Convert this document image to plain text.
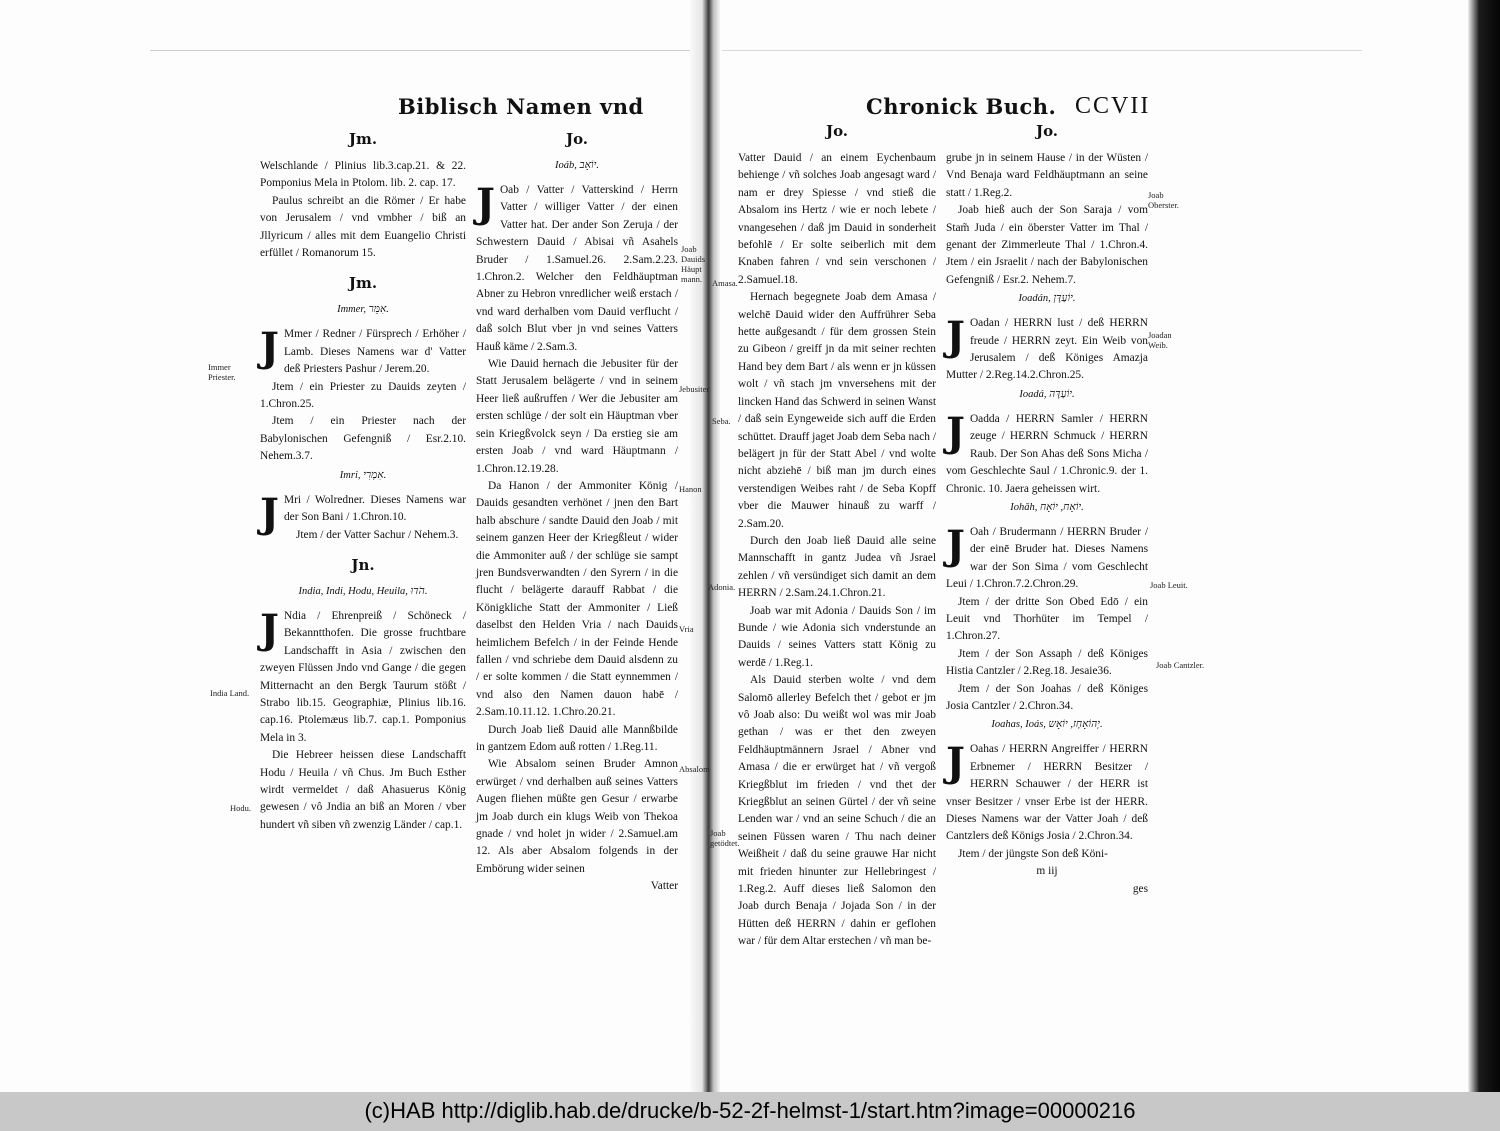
Biblisch Namen vnd

Jm.

Welschlande / Plinius lib.3.cap.21. & 22. Pomponius Mela in Ptolom. lib. 2. cap. 17.

Paulus schreibt an die Römer / Er habe von Jerusalem / vnd vmbher / biß an Jllyricum / alles mit dem Euangelio Christi erfüllet / Romanorum 15.

Jm.

Immer, אִמֵּר.

J Mmer / Redner / Fürsprech / Erhöher / Lamb. Dieses Namens war d' Vatter deß Priesters Pashur / Jerem.20.

Jtem / ein Priester zu Dauids zeyten / 1.Chron.25.

Jtem / ein Priester nach der Babylonischen Gefengniß / Esr.2.10. Nehem.3.7.

Imri, אִמְרִי.

J Mri / Wolredner. Dieses Namens war der Son Bani / 1.Chron.10.

Jtem / der Vatter Sachur / Nehem.3.

Jn.

India, Indi, Hodu, Heuila, הֹדוּ.

J Ndia / Ehrenpreiß / Schöneck / Bekanntthofen. Die grosse fruchtbare Landschafft in Asia / zwischen den zweyen Flüssen Jndo vnd Gange / die gegen Mitternacht an den Bergk Taurum stößt / Strabo lib.15. Geographiæ, Plinius lib.16. cap.16. Ptolemæus lib.7. cap.1. Pomponius Mela in 3.

Die Hebreer heissen diese Landschafft Hodu / Heuila / vñ Chus. Jm Buch Esther wirdt vermeldet / daß Ahasuerus König gewesen / vô Jndia an biß an Moren / vber hundert vñ siben vñ zwenzig Länder / cap.1.

Jo.

Ioáb, יוֹאָב.

J Oab / Vatter / Vatterskind / Herrn Vatter / williger Vatter / der einen Vatter hat. Der ander Son Zeruja / der Schwestern Dauid / Abisai vñ Asahels Bruder / 1.Samuel.26. 2.Sam.2.23. 1.Chron.2. Welcher den Feldhäuptman Abner zu Hebron vnredlicher weiß erstach / vnd ward derhalben vom Dauid verflucht / daß solch Blut vber jn vnd seines Vatters Hauß käme / 2.Sam.3.

Wie Dauid hernach die Jebusiter für der Statt Jerusalem belägerte / vnd in seinem Heer ließ außruffen / Wer die Jebusiter am ersten schlüge / der solt ein Häuptman vber sein Kriegßvolck seyn / Da erstieg sie am ersten Joab / vnd ward Häuptmann / 1.Chron.12.19.28.

Da Hanon / der Ammoniter König / Dauids gesandten verhönet / jnen den Bart halb abschure / sandte Dauid den Joab / mit seinem ganzen Heer der Kriegßleut / wider die Ammoniter auß / der schlüge sie sampt jren Bundsverwandten / den Syrern / in die flucht / belägerte darauff Rabbat / die Königkliche Statt der Ammoniter / Ließ daselbst den Helden Vria / nach Dauids heimlichem Befelch / in der Feinde Hende fallen / vnd schriebe dem Dauid alsdenn zu / er solte kommen / die Statt eynnemmen / vnd also den Namen dauon habē / 2.Sam.10.11.12. 1.Chro.20.21.

Durch Joab ließ Dauid alle Mannßbilde in gantzem Edom auß rotten / 1.Reg.11.

Wie Absalom seinen Bruder Amnon erwürget / vnd derhalben auß seines Vatters Augen fliehen müßte gen Gesur / erwarbe jm Joab durch ein klugs Weib von Thekoa gnade / vnd holet jn wider / 2.Samuel.am 12. Als aber Absalom folgends in der Embörung wider seinen

Vatter

Joab Dauids Häupt mann.
Immer Priester.
Jebusiter
Hanon
Vria
India Land.
Hodu.
Absalom
Chronick Buch. CCVII

Jo.

Vatter Dauid / an einem Eychenbaum behienge / vñ solches Joab angesagt ward / nam er drey Spiesse / vnd stieß die Absalom ins Hertz / wie er noch lebete / vnangesehen / daß jm Dauid in sonderheit befohlē / Er solte seiberlich mit dem Knaben fahren / vnd sein verschonen / 2.Samuel.18.

Hernach begegnete Joab dem Amasa / welchē Dauid wider den Auffrührer Seba hette außgesandt / für dem grossen Stein zu Gibeon / greiff jn da mit seiner rechten Hand bey dem Bart / als wenn er jn küssen wolt / vñ stach jm vnversehens mit der lincken Hand das Schwerd in seinen Wanst / daß sein Eyngeweide sich auff die Erden schüttet. Drauff jaget Joab dem Seba nach / belägert jn für der Statt Abel / vnd wolte nicht abziehē / biß man jm durch eines verstendigen Weibes raht / de Seba Kopff vber die Mauwer hinauß zu warff / 2.Sam.20.

Durch den Joab ließ Dauid alle seine Mannschafft in gantz Judea vñ Jsrael zehlen / vñ versündiget sich damit an dem HERRN / 2.Sam.24.1.Chron.21.

Joab war mit Adonia / Dauids Son / im Bunde / wie Adonia sich vnderstunde an Dauids / seines Vatters statt König zu werdē / 1.Reg.1.

Als Dauid sterben wolte / vnd dem Salomō allerley Befelch thet / gebot er jm vô Joab also: Du weißt wol was mir Joab gethan / was er thet den zweyen Feldhäuptmännern Jsrael / Abner vnd Amasa / die er erwürget hat / vñ vergoß Kriegßblut im frieden / vnd thet der Kriegßblut an seinen Gürtel / der vñ seine Lenden war / vnd an seine Schuch / die an seinen Füssen waren / Thu nach deiner Weißheit / daß du seine grauwe Har nicht mit frieden hinunter zur Hellebringest / 1.Reg.2. Auff dieses ließ Salomon den Joab durch Benaja / Jojada Son / in der Hütten deß HERRN / dahin er geflohen war / für dem Altar erstechen / vñ man be-

Jo.

grube jn in seinem Hause / in der Wüsten / Vnd Benaja ward Feldhäuptmann an seine statt / 1.Reg.2.

Joab hieß auch der Son Saraja / vom Stam̃ Juda / ein öberster Vatter im Thal / genant der Zimmerleute Thal / 1.Chron.4. Jtem / ein Jsraelit / nach der Babylonischen Gefengniß / Esr.2. Nehem.7.

Ioadán, יוֹעַדָּן.

J Oadan / HERRN lust / deß HERRN freude / HERRN zeyt. Ein Weib von Jerusalem / deß Königes Amazja Mutter / 2.Reg.14.2.Chron.25.

Ioadá, יוֹעַדָּה.

J Oadda / HERRN Samler / HERRN zeuge / HERRN Schmuck / HERRN Raub. Der Son Ahas deß Sons Micha / vom Geschlechte Saul / 1.Chronic.9. der 1. Chronic. 10. Jaera geheissen wirt.

Iohāh, יוֹאָח, יוֹאָח.

J Oah / Brudermann / HERRN Bruder / der einē Bruder hat. Dieses Namens war der Son Sima / vom Geschlecht Leui / 1.Chron.7.2.Chron.29.

Jtem / der dritte Son Obed Edō / ein Leuit vnd Thorhüter im Tempel / 1.Chron.27.

Jtem / der Son Assaph / deß Königes Histia Cantzler / 2.Reg.18. Jesaie36.

Jtem / der Son Joahas / deß Königes Josia Cantzler / 2.Chron.34.

Ioahas, Ioás, יְהוֹאָחָז, יוֹאָש.

J Oahas / HERRN Angreiffer / HERRN Erbnemer / HERRN Besitzer / HERRN Schauwer / der HERR ist vnser Besitzer / vnser Erbe ist der HERR. Dieses Namens war der Vatter Joah / deß Cantzlers deß Königs Josia / 2.Chron.34.

Jtem / der jüngste Son deß Köni-

m iij

ges

Joab Oberster.
Joadan Weib.
Joab Leuit.
Joab Cantzler.
Amasa.
Seba.
Adonia.
Joab getödtet.
(c)HAB http://diglib.hab.de/drucke/b-52-2f-helmst-1/start.htm?image=00000216
